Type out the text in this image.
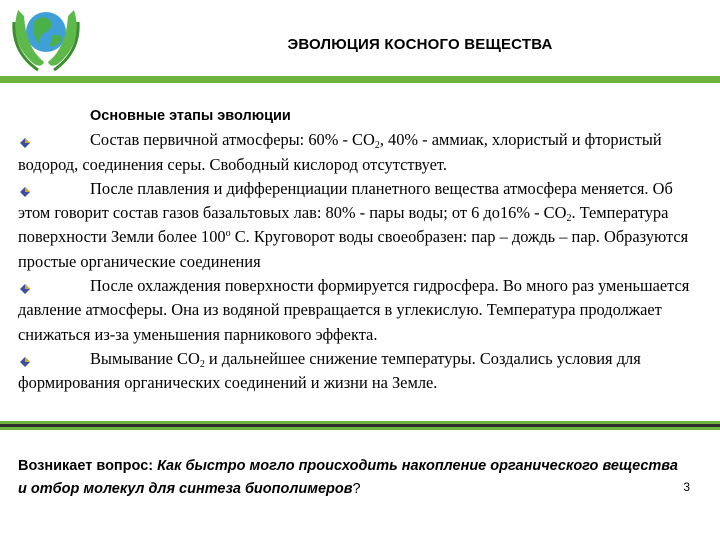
ЭВОЛЮЦИЯ КОСНОГО ВЕЩЕСТВА
Основные этапы эволюции
Состав первичной атмосферы: $60\% - СО_2$, 40% - аммиак, хлористый и фтористый водород, соединения серы. Свободный кислород отсутствует.
После плавления и дифференциации планетного вещества атмосфера меняется. Об этом говорит состав газов базальтовых лав: 80% - пары воды; от 6 $до16\% - СО_2$. Температура поверхности Земли более $100^о$ С. Круговорот воды своеобразен: пар – дождь – пар. Образуются простые органические соединения
После охлаждения поверхности формируется гидросфера. Во много раз уменьшается давление атмосферы. Она из водяной превращается в углекислую. Температура продолжает снижаться из-за уменьшения парникового эффекта.
Вымывание $СО_2$ и дальнейшее снижение температуры. Создались условия для формирования органических соединений и жизни на Земле.
Возникает вопрос: Как быстро могло происходить накопление органического вещества и отбор молекул для синтеза биополимеров?	3
